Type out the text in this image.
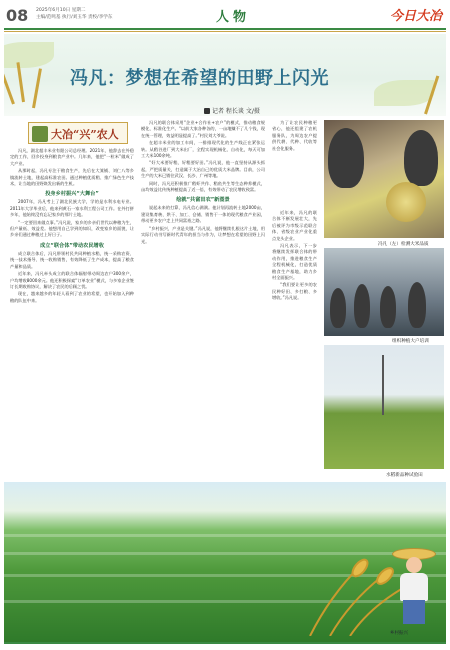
08 2025年6月10日 星期二
主编/范鸣基 执行/刘玉华 责校/李学东	人物	今日大冶
冯凡：梦想在希望的田野上闪光
记者 程长谈 文/摄
大冶“兴”农人

冯凡，湖北超丰米业有限公司总经理。2021年，他辞去在外稳定的工作，回乡投身到粮食产业中。几年来，他把“一粒米”做成了大产业。

从那时起，冯凡专注于粮食生产，先后在大箕铺、刘仁八等乡镇流转土地，建起高标准农田。通过种植优质稻、推广绿色生产技术，让当地的田野焕发出新的生机。

投身乡村振兴“大舞台”

2007年，冯凡考上了湖北民族大学，学的是水利水电专业。2011年大学毕业后，他来到黄石一家水利工程公司工作。在外打拼多年，他始终没有忘记家乡的那片土地。

“一定要回来做点事。”冯凡说，家乡的乡亲们世代以种粮为生，但产量低、效益差。他想用自己学到的知识，改变家乡的面貌，让乡亲们通过种粮过上好日子。

成立“联合体”带动农民增收

成立联合体后，冯凡带领村民共同种植水稻，统一采购农资、统一技术指导、统一收购销售，有效降低了生产成本，提高了粮食产量和品质。

近年来，冯凡牵头成立的联合体辐射带动周边农户300余户，户均增收8000余元。他还积极探索“订单农业”模式，与多家企业签订长期收购协议，解决了农民的后顾之忧。

现在，越来越多的年轻人看到了农业的希望，也开始加入到种粮的队伍中来。

冯凡的联合体采用“企业+合作社+农户”的模式，推动粮食规模化、标准化生产。“以前大家各种各的，一亩地赚不了几个钱，现在统一管理，效益明显提高了。”村民刘大爷说。

在超丰米业的加工车间，一排排现代化的生产线正在紧张运转。从稻谷进厂到大米出厂，全程实现机械化、自动化，每天可加工大米100余吨。

“好大米要好稻，好稻要好田。”冯凡说，他一直坚持从源头抓起，严把质量关，打造属于大冶自己的优质大米品牌。目前，公司生产的大米已销往武汉、长沙、广州等地。

同时，冯凡还积极推广稻虾共作、稻鱼共生等生态种养模式，亩均效益比传统种植提高了近一倍，有效带动了农民增收致富。

绘就“共富田农”新图景

说起未来的打算，冯凡信心满满。他计划再流转土地2000亩，建设集育秧、烘干、加工、仓储、销售于一体的现代粮食产业园，带动更多农户走上共同富裕之路。

“乡村振兴，产业是关键。”冯凡说，他将继续扎根这片土地，用实际行动书写新时代青年的担当与作为，让梦想在希望的田野上闪光。

为了让农民种粮更省心，他还组建了农机服务队，为周边农户提供代耕、代种、代收等社会化服务。

近年来，冯凡的联合体不断发展壮大，先后被评为市级示范联合体、省级农业产业化重点龙头企业。

冯凡表示，下一步将继续发挥联合体的带动作用，推进粮食生产全程机械化，打造优质粮食生产基地，助力乡村全面振兴。

“我们要让更多的农民种好田、多打粮、多增收。”冯凡说。

冯凡（左）检测大米品质
组织种植大户培训
水稻新品种试验田
乡村振兴
